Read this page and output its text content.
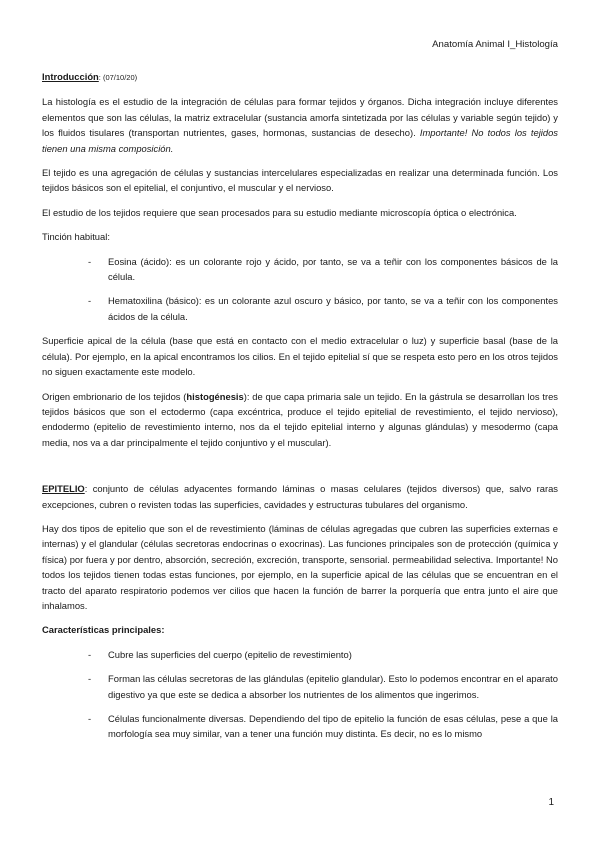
Anatomía Animal I_Histología

Introducción: (07/10/20)

La histología es el estudio de la integración de células para formar tejidos y órganos. Dicha integración incluye diferentes elementos que son las células, la matriz extracelular (sustancia amorfa sintetizada por las células y variable según tejido) y los fluidos tisulares (transportan nutrientes, gases, hormonas, sustancias de desecho). Importante! No todos los tejidos tienen una misma composición.

El tejido es una agregación de células y sustancias intercelulares especializadas en realizar una determinada función. Los tejidos básicos son el epitelial, el conjuntivo, el muscular y el nervioso.

El estudio de los tejidos requiere que sean procesados para su estudio mediante microscopía óptica o electrónica.

Tinción habitual:

- Eosina (ácido): es un colorante rojo y ácido, por tanto, se va a teñir con los componentes básicos de la célula.
- Hematoxilina (básico): es un colorante azul oscuro y básico, por tanto, se va a teñir con los componentes ácidos de la célula.

Superficie apical de la célula (base que está en contacto con el medio extracelular o luz) y superficie basal (base de la célula). Por ejemplo, en la apical encontramos los cilios. En el tejido epitelial sí que se respeta esto pero en los otros tejidos no siguen exactamente este modelo.

Origen embrionario de los tejidos (histogénesis): de que capa primaria sale un tejido. En la gástrula se desarrollan los tres tejidos básicos que son el ectodermo (capa excéntrica, produce el tejido epitelial de revestimiento, el tejido nervioso), endodermo (epitelio de revestimiento interno, nos da el tejido epitelial interno y algunas glándulas) y mesodermo (capa media, nos va a dar principalmente el tejido conjuntivo y el muscular).

EPITELIO: conjunto de células adyacentes formando láminas o masas celulares (tejidos diversos) que, salvo raras excepciones, cubren o revisten todas las superficies, cavidades y estructuras tubulares del organismo.

Hay dos tipos de epitelio que son el de revestimiento (láminas de células agregadas que cubren las superficies externas e internas) y el glandular (células secretoras endocrinas o exocrinas). Las funciones principales son de protección (química y física) por fuera y por dentro, absorción, secreción, excreción, transporte, sensorial. permeabilidad selectiva. Importante! No todos los tejidos tienen todas estas funciones, por ejemplo, en la superficie apical de las células que se encuentran en el tracto del aparato respiratorio podemos ver cilios que hacen la función de barrer la porquería que entra junto el aire que inhalamos.

Características principales:

- Cubre las superficies del cuerpo (epitelio de revestimiento)
- Forman las células secretoras de las glándulas (epitelio glandular). Esto lo podemos encontrar en el aparato digestivo ya que este se dedica a absorber los nutrientes de los alimentos que ingerimos.
- Células funcionalmente diversas. Dependiendo del tipo de epitelio la función de esas células, pese a que la morfología sea muy similar, van a tener una función muy distinta. Es decir, no es lo mismo
1
